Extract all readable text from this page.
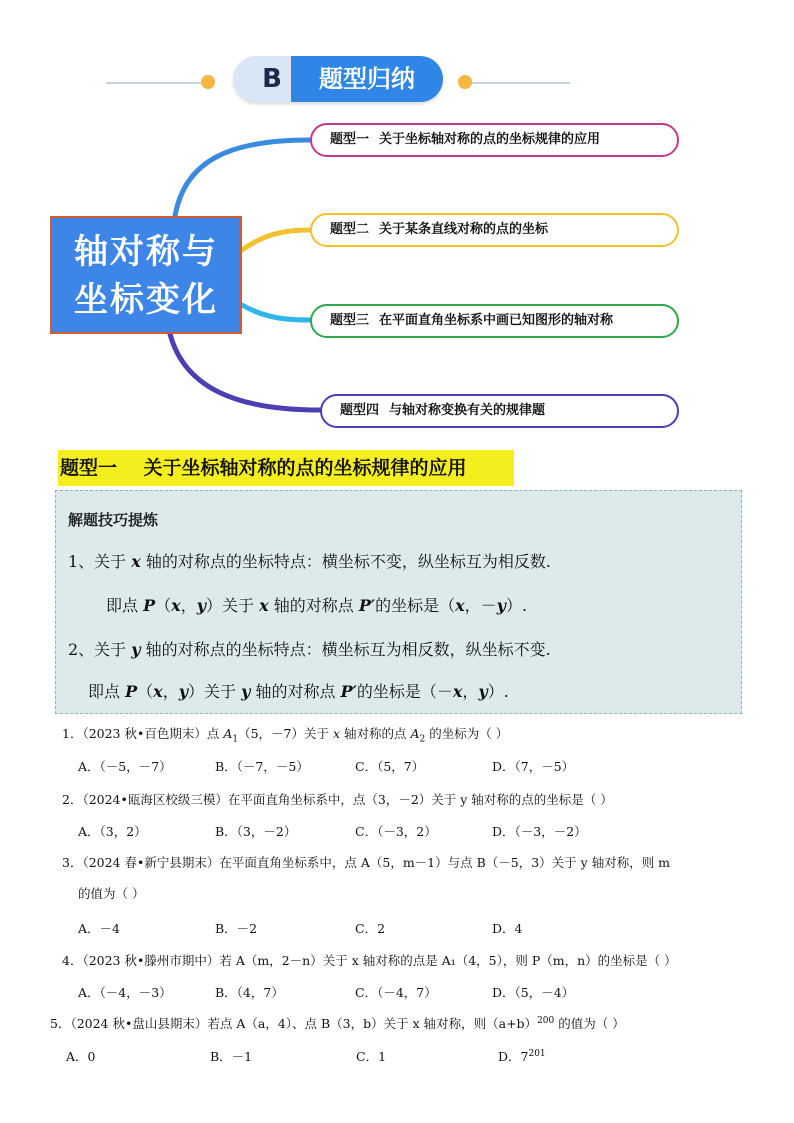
B	题型归纳
轴对称与
坐标变化
题型一 关于坐标轴对称的点的坐标规律的应用
题型二 关于某条直线对称的点的坐标
题型三 在平面直角坐标系中画已知图形的轴对称
题型四 与轴对称变换有关的规律题
题型一    关于坐标轴对称的点的坐标规律的应用
解题技巧提炼
1、关于 x 轴的对称点的坐标特点：横坐标不变，纵坐标互为相反数.
即点 P（x，y）关于 x 轴的对称点 P′的坐标是（x，－y）.
2、关于 y 轴的对称点的坐标特点：横坐标互为相反数，纵坐标不变.
即点 P（x，y）关于 y 轴的对称点 P′的坐标是（－x，y）.
1．（2023 秋•百色期末）点 $A_1(5$，－7）关于 x 轴对称的点 $A_2$ 的坐标为（ ）
A．（－5，－7）	B．（－7，－5）	C．（5，7）	D．（7，－5）
2．（2024•瓯海区校级三模）在平面直角坐标系中，点（3，－2）关于 y 轴对称的点的坐标是（ ）
A．（3，2）	B．（3，－2）	C．（－3，2）	D．（－3，－2）
3．（2024 春•新宁县期末）在平面直角坐标系中，点 A（5，m－1）与点 B（－5，3）关于 y 轴对称，则 m
的值为（ ）
A．－4	B．－2	C．2	D．4
4．（2023 秋•滕州市期中）若 A（m，2－n）关于 x 轴对称的点是 A₁（4，5），则 P（m，n）的坐标是（ ）
A．（－4，－3）	B．（4，7）	C．（－4，7）	D．（5，－4）
5．（2024 秋•盘山县期末）若点 A（a，4）、点 B（3，b）关于 x 轴对称，则$(a+b)^{200}$ 的值为（ ）
A．0	B．－1	C．1	D．$7^{201}$
